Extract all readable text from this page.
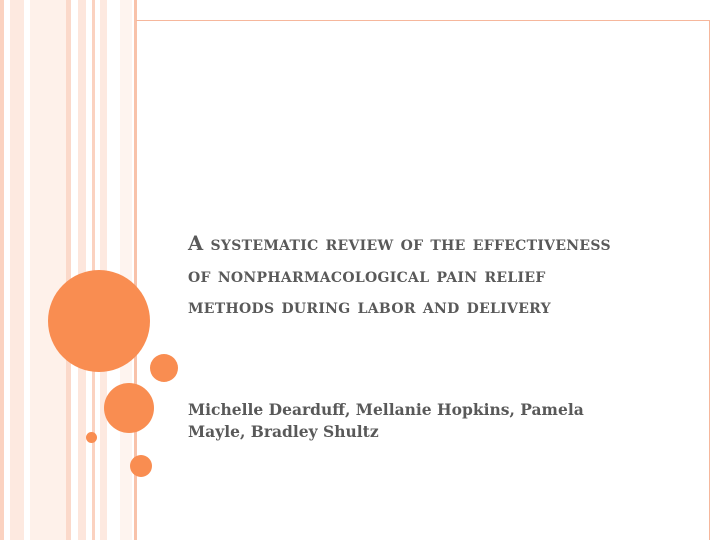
A systematic review of the effectiveness of nonpharmacological pain relief methods during labor and delivery

Michelle Dearduff, Mellanie Hopkins, Pamela Mayle, Bradley Shultz
